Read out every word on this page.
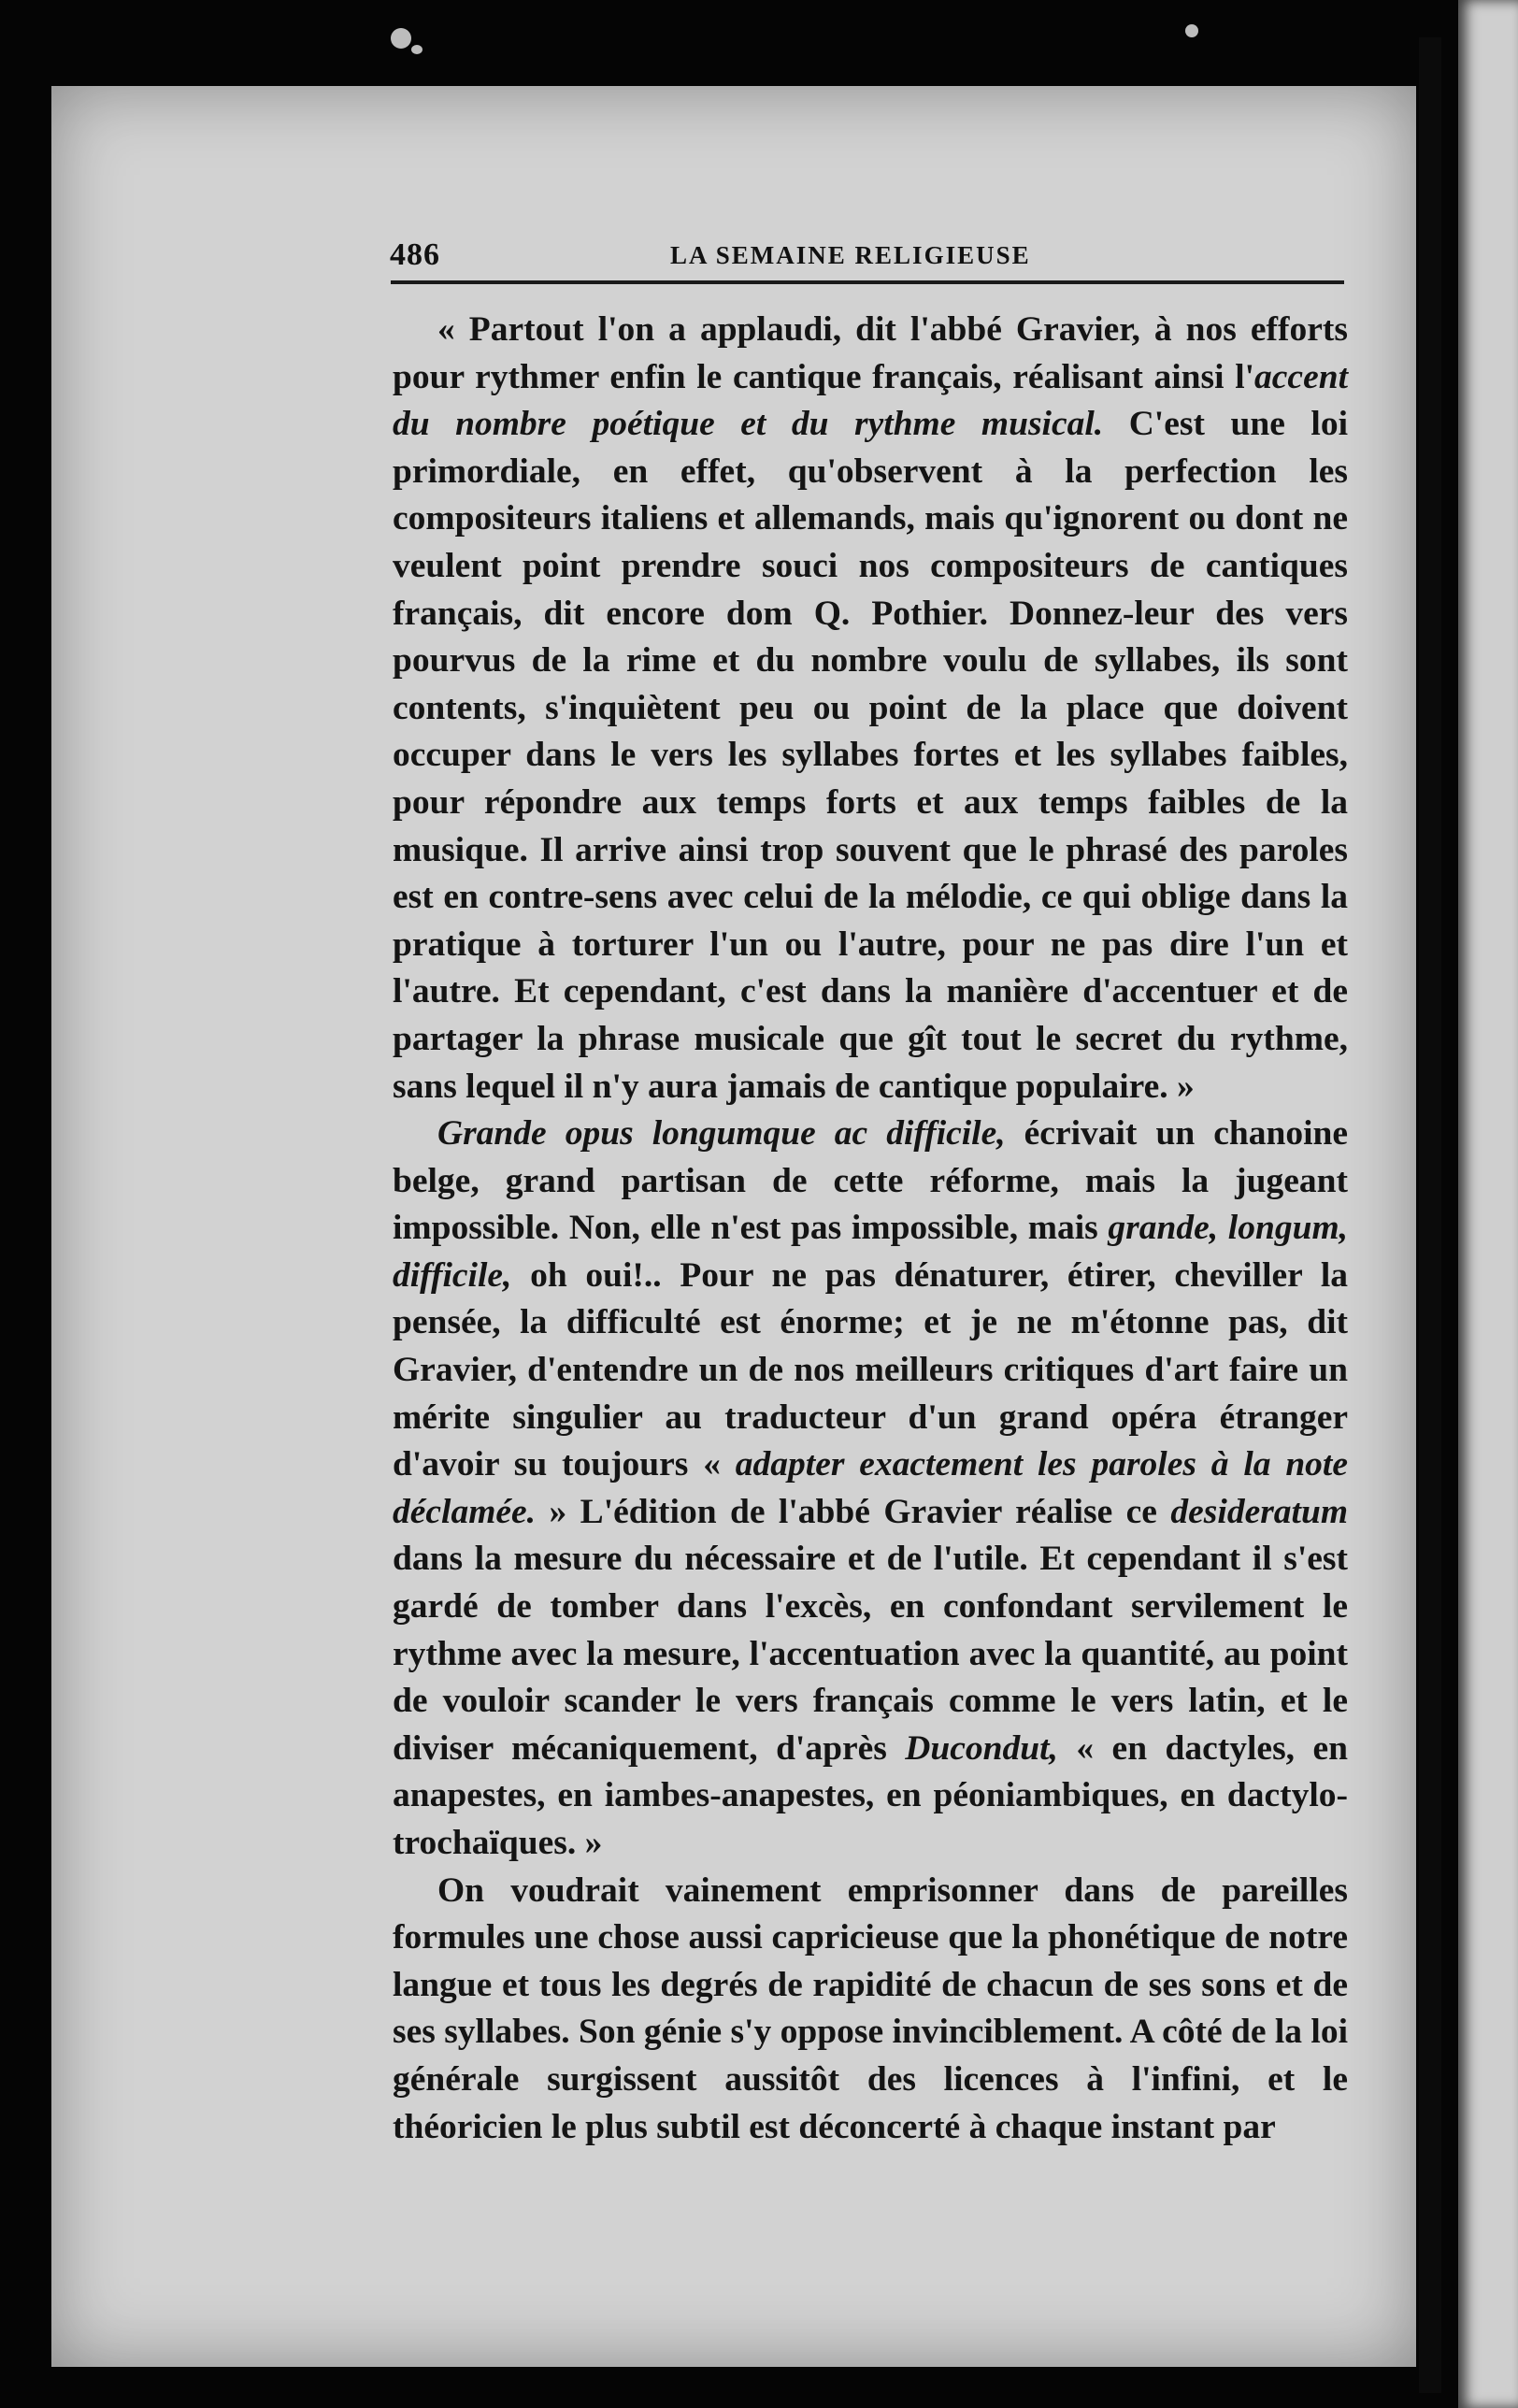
486	LA SEMAINE RELIGIEUSE

« Partout l'on a applaudi, dit l'abbé Gravier, à nos efforts pour rythmer enfin le cantique français, réalisant ainsi l'accent du nombre poétique et du rythme musical. C'est une loi primordiale, en effet, qu'observent à la perfection les compositeurs italiens et allemands, mais qu'ignorent ou dont ne veulent point prendre souci nos compositeurs de cantiques français, dit encore dom Q. Pothier. Donnez-leur des vers pourvus de la rime et du nombre voulu de syllabes, ils sont contents, s'inquiètent peu ou point de la place que doivent occuper dans le vers les syllabes fortes et les syllabes faibles, pour répondre aux temps forts et aux temps faibles de la musique. Il arrive ainsi trop souvent que le phrasé des paroles est en contre-sens avec celui de la mélodie, ce qui oblige dans la pratique à torturer l'un ou l'autre, pour ne pas dire l'un et l'autre. Et cependant, c'est dans la manière d'accentuer et de partager la phrase musicale que gît tout le secret du rythme, sans lequel il n'y aura jamais de cantique populaire. »

Grande opus longumque ac difficile, écrivait un chanoine belge, grand partisan de cette réforme, mais la jugeant impossible. Non, elle n'est pas impossible, mais grande, longum, difficile, oh oui!.. Pour ne pas dénaturer, étirer, cheviller la pensée, la difficulté est énorme; et je ne m'étonne pas, dit Gravier, d'entendre un de nos meilleurs critiques d'art faire un mérite singulier au traducteur d'un grand opéra étranger d'avoir su toujours « adapter exactement les paroles à la note déclamée. » L'édition de l'abbé Gravier réalise ce desideratum dans la mesure du nécessaire et de l'utile. Et cependant il s'est gardé de tomber dans l'excès, en confondant servilement le rythme avec la mesure, l'accentuation avec la quantité, au point de vouloir scander le vers français comme le vers latin, et le diviser mécaniquement, d'après Ducondut, « en dactyles, en anapestes, en iambes-anapestes, en péoniambiques, en dactylo-trochaïques. »

On voudrait vainement emprisonner dans de pareilles formules une chose aussi capricieuse que la phonétique de notre langue et tous les degrés de rapidité de chacun de ses sons et de ses syllabes. Son génie s'y oppose invinciblement. A côté de la loi générale surgissent aussitôt des licences à l'infini, et le théoricien le plus subtil est déconcerté à chaque instant par
